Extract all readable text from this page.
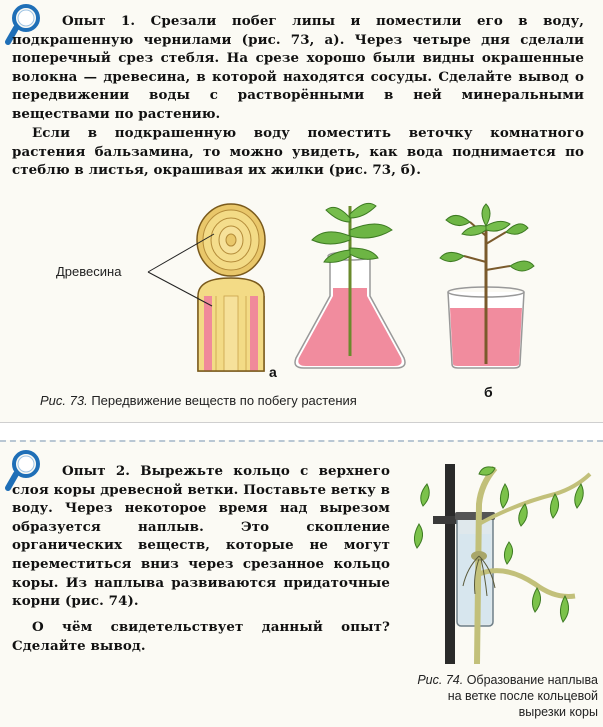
Опыт 1. Срезали побег липы и поместили его в воду, подкрашенную чернилами (рис. 73, а). Через четыре дня сделали поперечный срез стебля. На срезе хорошо были видны окрашенные волокна — древесина, в которой находятся сосуды. Сделайте вывод о передвижении воды с растворёнными в ней минеральными веществами по растению.

Если в подкрашенную воду поместить веточку комнатного растения бальзамина, то можно увидеть, как вода поднимается по стеблю в листья, окрашивая их жилки (рис. 73, б).

Древесина
а
б

Рис. 73. Передвижение веществ по побегу растения

Опыт 2. Вырежьте кольцо с верхнего слоя коры древесной ветки. Поставьте ветку в воду. Через некоторое время над вырезом образуется наплыв. Это скопление органических веществ, которые не могут переместиться вниз через срезанное кольцо коры. Из наплыва развиваются придаточные корни (рис. 74).

О чём свидетельствует данный опыт? Сделайте вывод.

Рис. 74. Образование наплыва на ветке после кольцевой вырезки коры
